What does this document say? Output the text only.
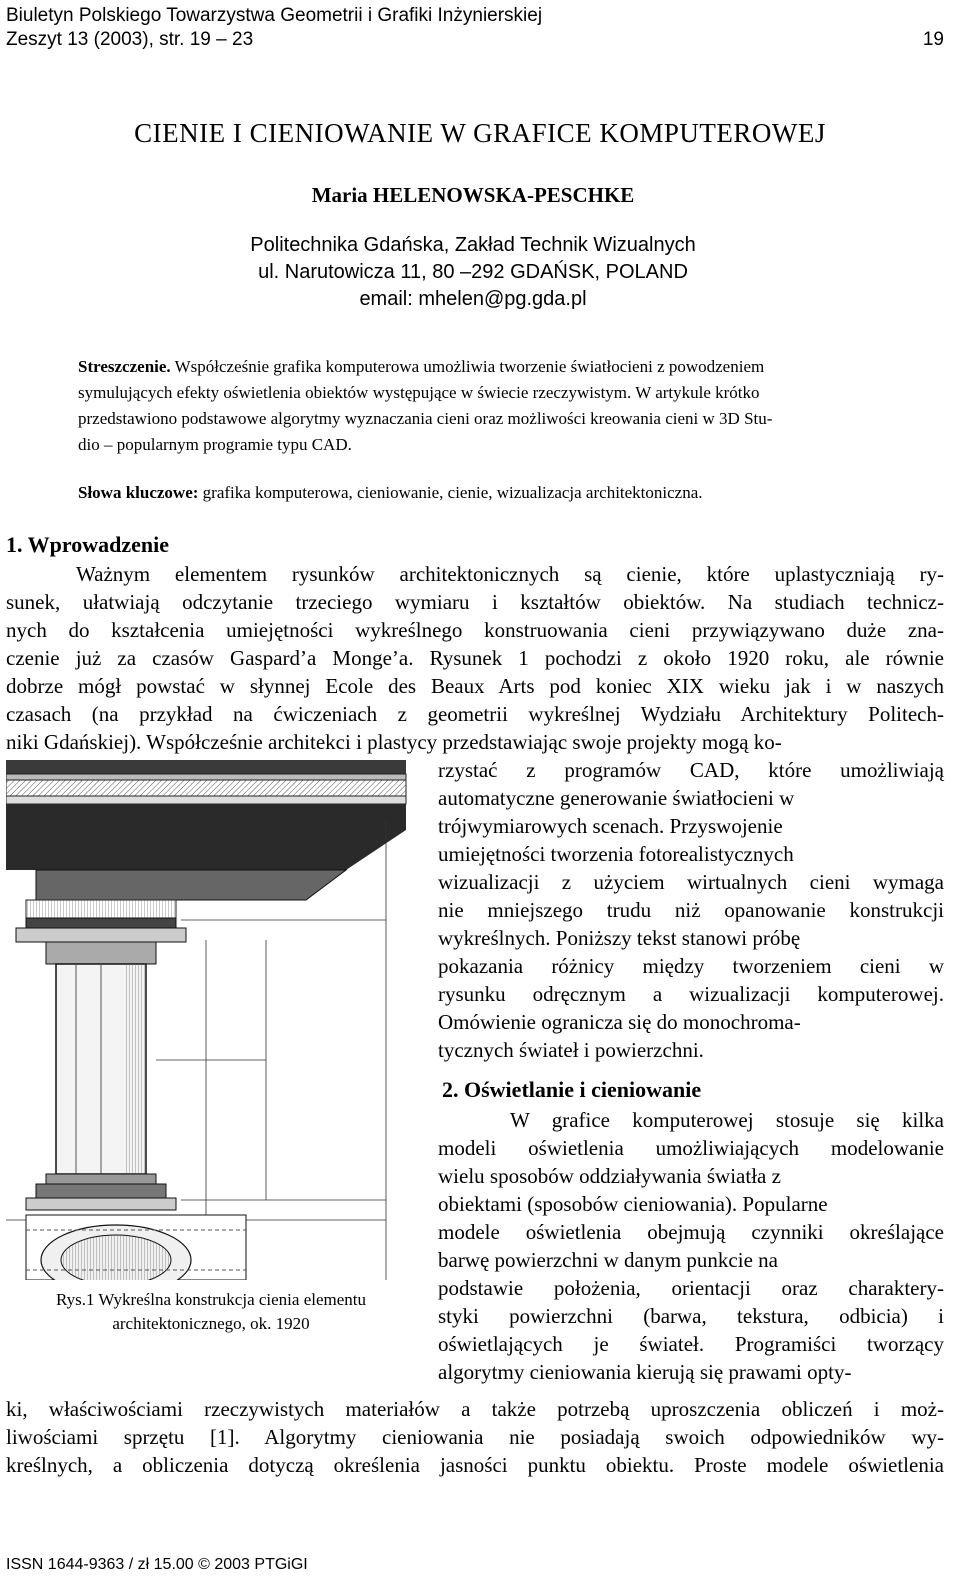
Biuletyn Polskiego Towarzystwa Geometrii i Grafiki Inżynierskiej
Zeszyt 13 (2003), str. 19 – 23	19
CIENIE I CIENIOWANIE W GRAFICE KOMPUTEROWEJ
Maria HELENOWSKA-PESCHKE
Politechnika Gdańska, Zakład Technik Wizualnych
ul. Narutowicza 11, 80 –292 GDAŃSK, POLAND
email: mhelen@pg.gda.pl
Streszczenie. Współcześnie grafika komputerowa umożliwia tworzenie światłocieni z powodzeniem
symulujących efekty oświetlenia obiektów występujące w świecie rzeczywistym. W artykule krótko
przedstawiono podstawowe algorytmy wyznaczania cieni oraz możliwości kreowania cieni w 3D Stu-
dio – popularnym programie typu CAD.
Słowa kluczowe: grafika komputerowa, cieniowanie, cienie, wizualizacja architektoniczna.
1. Wprowadzenie
Ważnym elementem rysunków architektonicznych są cienie, które uplastyczniają ry-
sunek, ułatwiają odczytanie trzeciego wymiaru i kształtów obiektów. Na studiach technicz-
nych do kształcenia umiejętności wykreślnego konstruowania cieni przywiązywano duże zna-
czenie już za czasów Gaspard’a Monge’a. Rysunek 1 pochodzi z około 1920 roku, ale równie
dobrze mógł powstać w słynnej Ecole des Beaux Arts pod koniec XIX wieku jak i w naszych
czasach (na przykład na ćwiczeniach z geometrii wykreślnej Wydziału Architektury Politech-
niki Gdańskiej). Współcześnie architekci i plastycy przedstawiając swoje projekty mogą ko-
rzystać z programów CAD, które umożliwiają
automatyczne generowanie światłocieni w
trójwymiarowych scenach. Przyswojenie
umiejętności tworzenia fotorealistycznych
wizualizacji z użyciem wirtualnych cieni wymaga
nie mniejszego trudu niż opanowanie konstrukcji
wykreślnych. Poniższy tekst stanowi próbę
pokazania różnicy między tworzeniem cieni w
rysunku odręcznym a wizualizacji komputerowej.
Omówienie ogranicza się do monochroma-
tycznych świateł i powierzchni.
2. Oświetlanie i cieniowanie
W grafice komputerowej stosuje się kilka
modeli oświetlenia umożliwiających modelowanie
wielu sposobów oddziaływania światła z
obiektami (sposobów cieniowania). Popularne
modele oświetlenia obejmują czynniki określające
barwę powierzchni w danym punkcie na
podstawie położenia, orientacji oraz charaktery-
styki powierzchni (barwa, tekstura, odbicia) i
oświetlających je świateł. Programiści tworzący
algorytmy cieniowania kierują się prawami opty-
ki, właściwościami rzeczywistych materiałów a także potrzebą uproszczenia obliczeń i moż-
liwościami sprzętu [1]. Algorytmy cieniowania nie posiadają swoich odpowiedników wy-
kreślnych, a obliczenia dotyczą określenia jasności punktu obiektu. Proste modele oświetlenia
Rys.1 Wykreślna konstrukcja cienia elementu
architektonicznego, ok. 1920
ISSN 1644-9363 / zł 15.00 © 2003 PTGiGI
